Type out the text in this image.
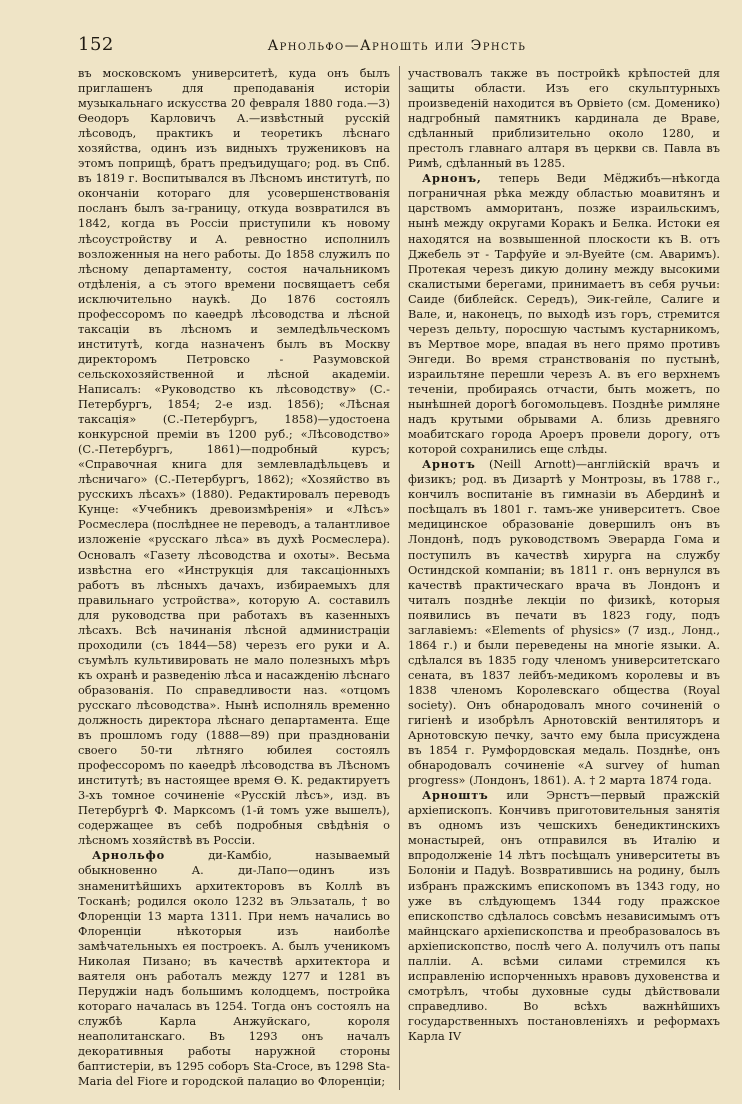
152	Арнольфо—Арношть или Эрнсть

въ московскомъ университетѣ, куда онъ былъ приглашенъ для преподаванія исторіи музыкальнаго искусства 20 февраля 1880 года.—3) Ѳеодоръ Карловичъ А.—извѣстный русскій лѣсоводъ, практикъ и теоретикъ лѣснаго хозяйства, одинъ изъ видныхъ тружениковъ на этомъ поприщѣ, братъ предъидущаго; род. въ Спб. въ 1819 г. Воспитывался въ Лѣсномъ институтѣ, по окончаніи котораго для усовершенствованія посланъ былъ за-границу, откуда возвратился въ 1842, когда въ Россіи приступили къ новому лѣсоустройству и А. ревностно исполнилъ возложенныя на него работы. До 1858 служилъ по лѣсному департаменту, состоя начальникомъ отдѣленія, а съ этого времени посвящаетъ себя исключительно наукѣ. До 1876 состоялъ профессоромъ по каѳедрѣ лѣсоводства и лѣсной таксаціи въ лѣсномъ и земледѣльческомъ институтѣ, когда назначенъ былъ въ Москву директоромъ Петровско - Разумовской сельскохозяйственной и лѣсной академіи. Написалъ: «Руководство къ лѣсоводству» (С.-Петербургъ, 1854; 2-е изд. 1856); «Лѣсная таксація» (С.-Петербургъ, 1858)—удостоена конкурсной преміи въ 1200 руб.; «Лѣсоводство» (С.-Петербургъ, 1861)—подробный курсъ; «Справочная книга для землевладѣльцевъ и лѣсничаго» (С.-Петербургъ, 1862); «Хозяйство въ русскихъ лѣсахъ» (1880). Редактировалъ переводъ Кунце: «Учебникъ древоизмѣренія» и «Лѣсъ» Росмеслера (послѣднее не переводъ, а талантливое изложеніе «русскаго лѣса» въ духѣ Росмеслера). Основалъ «Газету лѣсоводства и охоты». Весьма извѣстна его «Инструкція для таксаціонныхъ работъ въ лѣсныхъ дачахъ, избираемыхъ для правильнаго устройства», которую А. составилъ для руководства при работахъ въ казенныхъ лѣсахъ. Всѣ начинанія лѣсной администраціи проходили (съ 1844—58) черезъ его руки и А. съумѣлъ культивировать не мало полезныхъ мѣръ къ охранѣ и разведенію лѣса и насажденію лѣснаго образованія. По справедливости наз. «отцомъ русскаго лѣсоводства». Нынѣ исполняль временно должность директора лѣснаго департамента. Еще въ прошломъ году (1888—89) при празднованіи своего 50-ти лѣтняго юбилея состоялъ профессоромъ по каѳедрѣ лѣсоводства въ Лѣсномъ институтѣ; въ настоящее время Ѳ. К. редактируетъ 3-хъ томное сочиненіе «Русскій лѣсъ», изд. въ Петербургѣ Ф. Марксомъ (1-й томъ уже вышелъ), содержащее въ себѣ подробныя свѣдѣнія о лѣсномъ хозяйствѣ въ Россіи.

Арнольфо	ди-Камбіо, называемый обыкновенно А. ди-Лапо—одинъ изъ знаменитѣйшихъ архитекторовъ въ Коллѣ въ Тосканѣ; родился около 1232 въ Эльзаталь, † во Флоренціи 13 марта 1311. При немъ начались во Флоренціи нѣкоторыя изъ наиболѣе замѣчательныхъ ея построекъ. А. былъ ученикомъ Николая Пизано; въ качествѣ архитектора и ваятеля онъ работалъ между 1277 и 1281 въ Перуджіи надъ большимъ колодцемъ, постройка котораго началась въ 1254. Тогда онъ состоялъ на службѣ Карла Анжуйскаго, короля неаполитанскаго. Въ 1293 онъ началъ декоративныя работы наружной стороны баптистеріи, въ 1295 соборъ Sta-Croce, въ 1298 Sta-Maria del Fiore и городской палацио во Флоренціи;

участвовалъ также въ постройкѣ крѣпостей для защиты области. Изъ его скульптурныхъ произведеній находится въ Орвіето (см. Доменико) надгробный памятникъ кардинала де Враве, сдѣланный приблизительно около 1280, и престолъ главнаго алтаря въ церкви св. Павла въ Римѣ, сдѣланный въ 1285.

Арнонъ, теперь Веди Мёджибъ—нѣкогда пограничная рѣка между областью моавитянъ и царствомъ аммоританъ, позже израильскимъ, нынѣ между округами Коракъ и Белка. Истоки ея находятся на возвышенной плоскости къ В. отъ Джебель эт - Тарфуйе и эл-Вуейте (см. Аваримъ). Протекая черезъ дикую долину между высокими скалистыми берегами, принимаетъ въ себя ручьи: Саиде (библейск. Середъ), Эик-гейле, Салиге и Вале, и, наконецъ, по выходѣ изъ горъ, стремится черезъ дельту, поросшую частымъ кустарникомъ, въ Мертвое море, впадая въ него прямо противъ Энгеди. Во время странствованія по пустынѣ, израильтяне перешли черезъ А. въ его верхнемъ теченіи, пробираясь отчасти, быть можетъ, по нынѣшней дорогѣ богомольцевъ. Позднѣе римляне надъ крутыми обрывами А. близь древняго моабитскаго города Ароеръ провели дорогу, отъ которой сохранились еще слѣды.

Арнотъ (Neill Arnott)—англійскій врачъ и физикъ; род. въ Дизартѣ у Монтрозы, въ 1788 г., кончилъ воспитаніе въ гимназіи въ Абердинѣ и посѣщалъ въ 1801 г. тамъ-же университетъ. Свое медицинское образованіе довершилъ онъ въ Лондонѣ, подъ руководствомъ Эверарда Гома и поступилъ въ качествѣ хирурга на службу Остиндской компаніи; въ 1811 г. онъ вернулся въ качествѣ практическаго врача въ Лондонъ и читалъ позднѣе лекціи по физикѣ, которыя появились въ печати въ 1823 году, подъ заглавіемъ: «Elements of physics» (7 изд., Лонд., 1864 г.) и были переведены на многіе языки. А. сдѣлался въ 1835 году членомъ университетскаго сената, въ 1837 лейбъ-медикомъ королевы и въ 1838 членомъ Королевскаго общества (Royal society). Онъ обнародовалъ много сочиненій о гигіенѣ и изобрѣлъ Арнотовскій вентиляторъ и Арнотовскую печку, зачто ему была присуждена въ 1854 г. Румфордовская медаль. Позднѣе, онъ обнародовалъ сочиненіе «A survey of human progress» (Лондонъ, 1861). А. † 2 марта 1874 года.

Арноштъ или Эрнстъ—первый пражскій архіепископъ. Кончивъ приготовительныя занятія въ одномъ изъ чешскихъ бенедиктинскихъ монастырей, онъ отправился въ Италію и впродолженіе 14 лѣтъ посѣщалъ университеты въ Болоніи и Падуѣ. Возвратившись на родину, былъ избранъ пражскимъ епископомъ въ 1343 году, но уже въ слѣдующемъ 1344 году пражское епископство сдѣлалось совсѣмъ независимымъ отъ майнцскаго архіепископства и преобразовалось въ архіепископство, послѣ чего А. получилъ отъ папы палліи. А. всѣми силами стремился къ исправленію испорченныхъ нравовъ духовенства и смотрѣлъ, чтобы духовные суды дѣйствовали справедливо. Во всѣхъ важнѣйшихъ государственныхъ постановленіяхъ и реформахъ Карла IV
